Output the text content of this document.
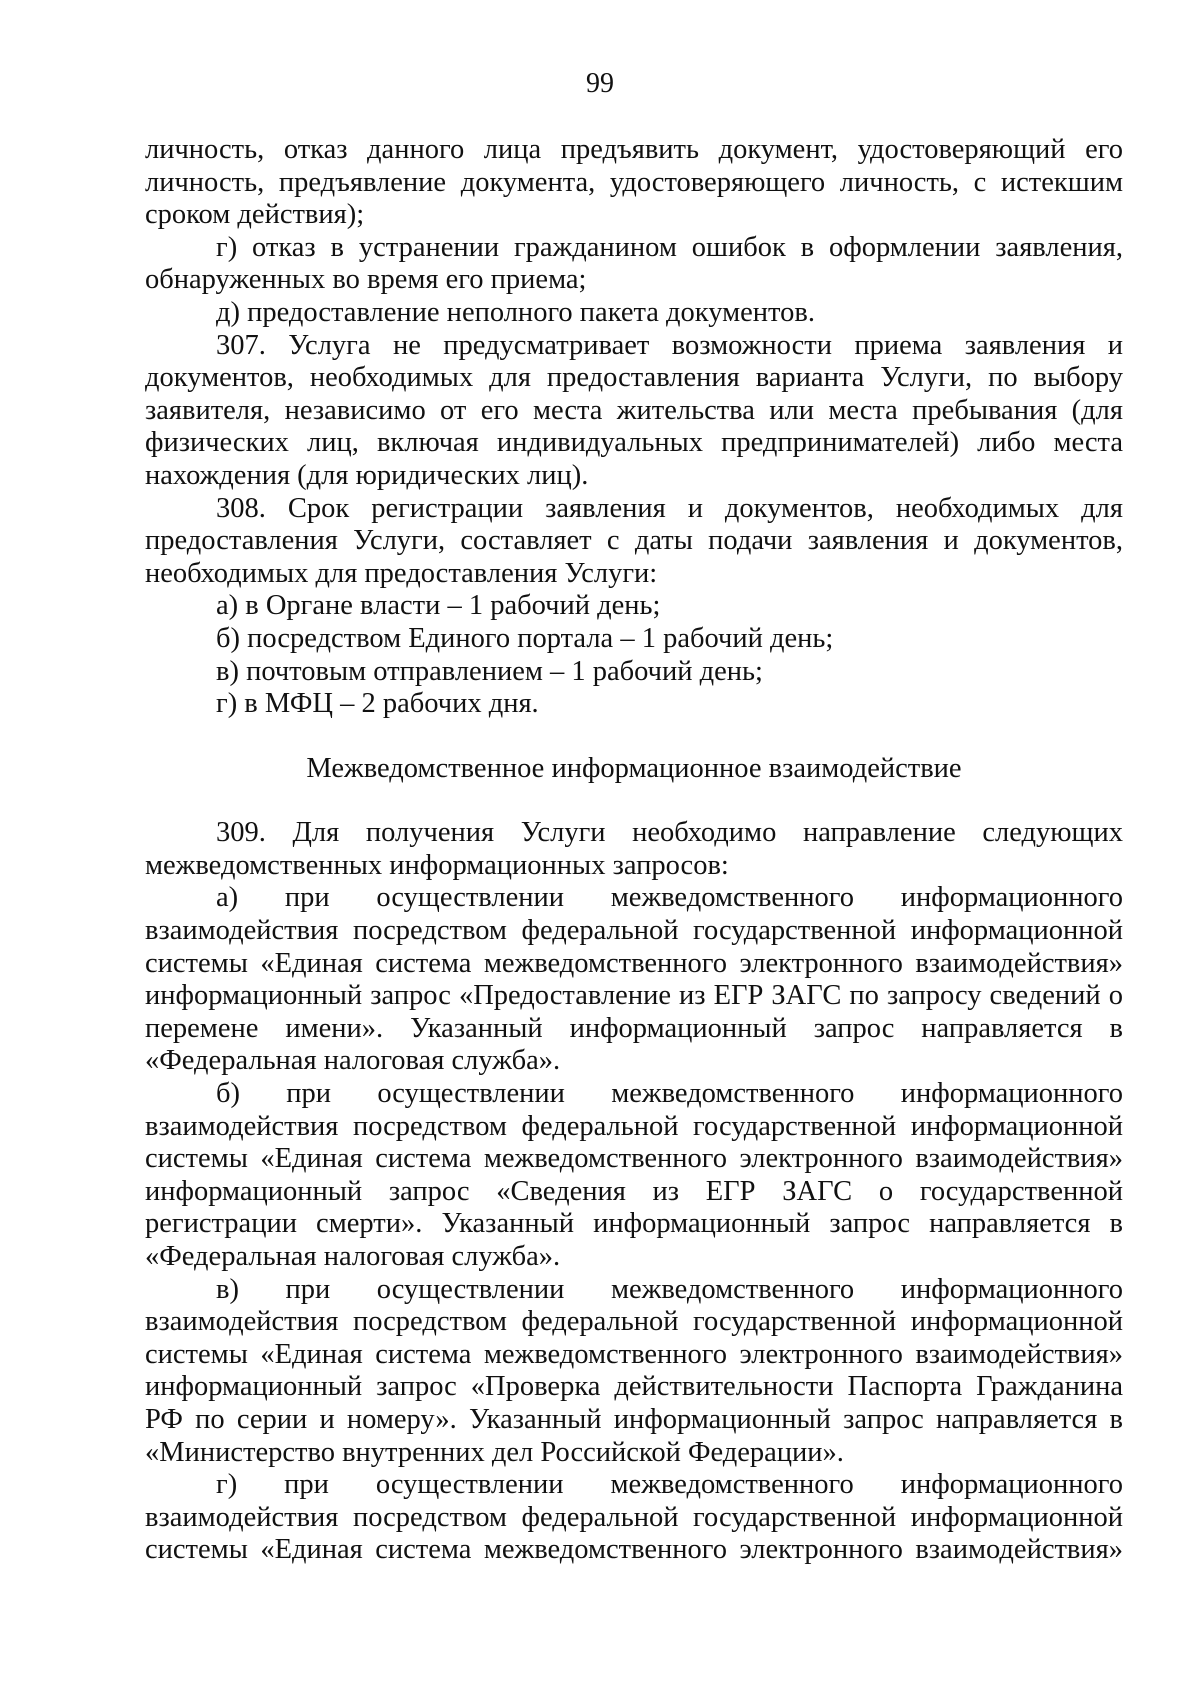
99

личность, отказ данного лица предъявить документ, удостоверяющий его личность, предъявление документа, удостоверяющего личность, с истекшим сроком действия);

г) отказ в устранении гражданином ошибок в оформлении заявления, обнаруженных во время его приема;

д) предоставление неполного пакета документов.

307. Услуга не предусматривает возможности приема заявления и документов, необходимых для предоставления варианта Услуги, по выбору заявителя, независимо от его места жительства или места пребывания (для физических лиц, включая индивидуальных предпринимателей) либо места нахождения (для юридических лиц).

308. Срок регистрации заявления и документов, необходимых для предоставления Услуги, составляет с даты подачи заявления и документов, необходимых для предоставления Услуги:

а) в Органе власти – 1 рабочий день;

б) посредством Единого портала – 1 рабочий день;

в) почтовым отправлением – 1 рабочий день;

г) в МФЦ – 2 рабочих дня.

Межведомственное информационное взаимодействие

309. Для получения Услуги необходимо направление следующих межведомственных информационных запросов:

а) при осуществлении межведомственного информационного взаимодействия посредством федеральной государственной информационной системы «Единая система межведомственного электронного взаимодействия» информационный запрос «Предоставление из ЕГР ЗАГС по запросу сведений о перемене имени». Указанный информационный запрос направляется в «Федеральная налоговая служба».

б) при осуществлении межведомственного информационного взаимодействия посредством федеральной государственной информационной системы «Единая система межведомственного электронного взаимодействия» информационный запрос «Сведения из ЕГР ЗАГС о государственной регистрации смерти». Указанный информационный запрос направляется в «Федеральная налоговая служба».

в) при осуществлении межведомственного информационного взаимодействия посредством федеральной государственной информационной системы «Единая система межведомственного электронного взаимодействия» информационный запрос «Проверка действительности Паспорта Гражданина РФ по серии и номеру». Указанный информационный запрос направляется в «Министерство внутренних дел Российской Федерации».

г) при осуществлении межведомственного информационного взаимодействия посредством федеральной государственной информационной системы «Единая система межведомственного электронного взаимодействия»
